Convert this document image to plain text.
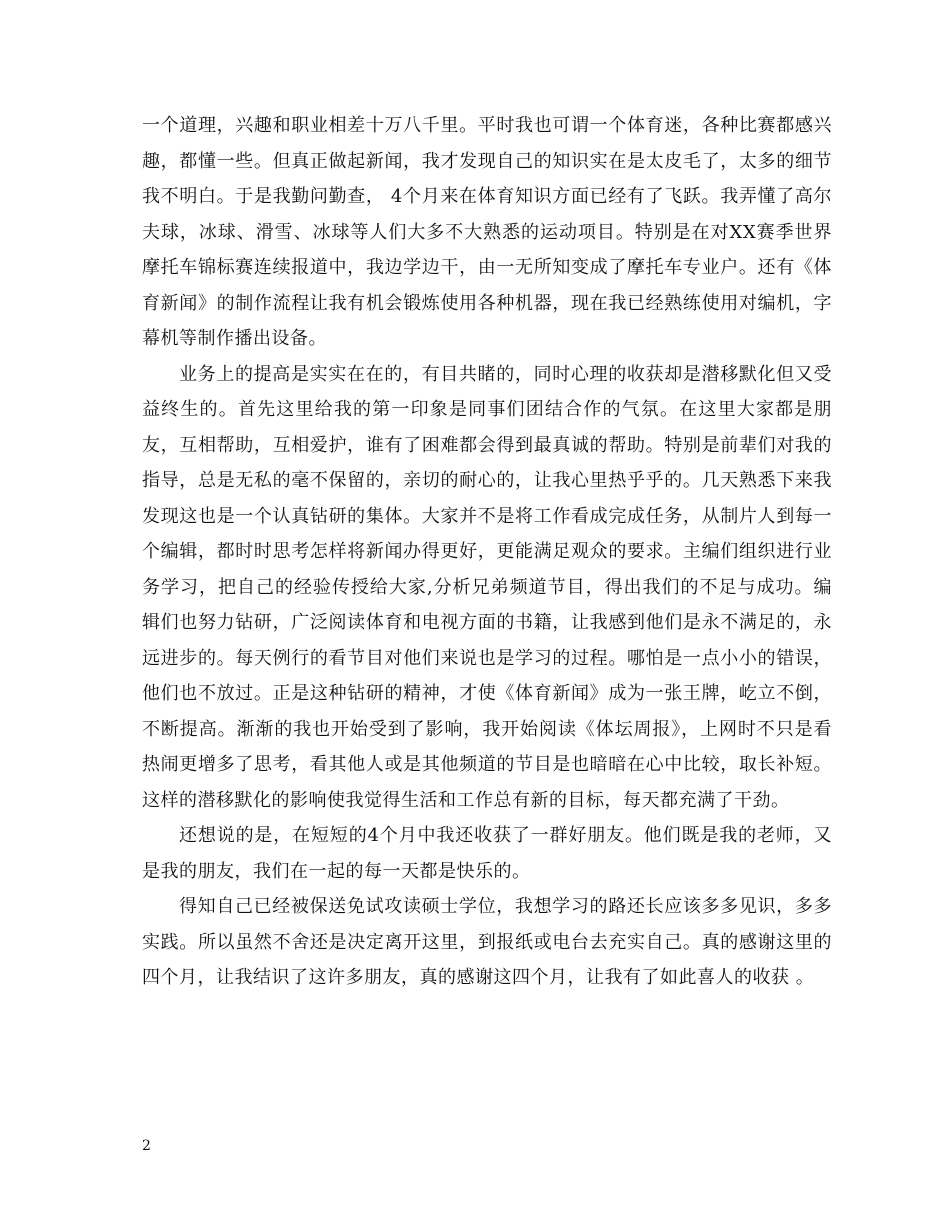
一个道理，兴趣和职业相差十万八千里。平时我也可谓一个体育迷，各种比赛都感兴趣，都懂一些。但真正做起新闻，我才发现自己的知识实在是太皮毛了，太多的细节我不明白。于是我勤问勤查， 4个月来在体育知识方面已经有了飞跃。我弄懂了高尔夫球，冰球、滑雪、冰球等人们大多不大熟悉的运动项目。特别是在对XX赛季世界摩托车锦标赛连续报道中，我边学边干，由一无所知变成了摩托车专业户。还有《体育新闻》的制作流程让我有机会锻炼使用各种机器，现在我已经熟练使用对编机，字幕机等制作播出设备。

业务上的提高是实实在在的，有目共睹的，同时心理的收获却是潜移默化但又受益终生的。首先这里给我的第一印象是同事们团结合作的气氛。在这里大家都是朋友，互相帮助，互相爱护，谁有了困难都会得到最真诚的帮助。特别是前辈们对我的指导，总是无私的毫不保留的，亲切的耐心的，让我心里热乎乎的。几天熟悉下来我发现这也是一个认真钻研的集体。大家并不是将工作看成完成任务，从制片人到每一个编辑，都时时思考怎样将新闻办得更好，更能满足观众的要求。主编们组织进行业务学习，把自己的经验传授给大家,分析兄弟频道节目，得出我们的不足与成功。编辑们也努力钻研，广泛阅读体育和电视方面的书籍，让我感到他们是永不满足的，永远进步的。每天例行的看节目对他们来说也是学习的过程。哪怕是一点小小的错误，他们也不放过。正是这种钻研的精神，才使《体育新闻》成为一张王牌，屹立不倒，不断提高。渐渐的我也开始受到了影响，我开始阅读《体坛周报》，上网时不只是看热闹更增多了思考，看其他人或是其他频道的节目是也暗暗在心中比较，取长补短。这样的潜移默化的影响使我觉得生活和工作总有新的目标，每天都充满了干劲。

还想说的是，在短短的4个月中我还收获了一群好朋友。他们既是我的老师，又是我的朋友，我们在一起的每一天都是快乐的。

得知自己已经被保送免试攻读硕士学位，我想学习的路还长应该多多见识，多多实践。所以虽然不舍还是决定离开这里，到报纸或电台去充实自己。真的感谢这里的四个月，让我结识了这许多朋友，真的感谢这四个月，让我有了如此喜人的收获 。

2
